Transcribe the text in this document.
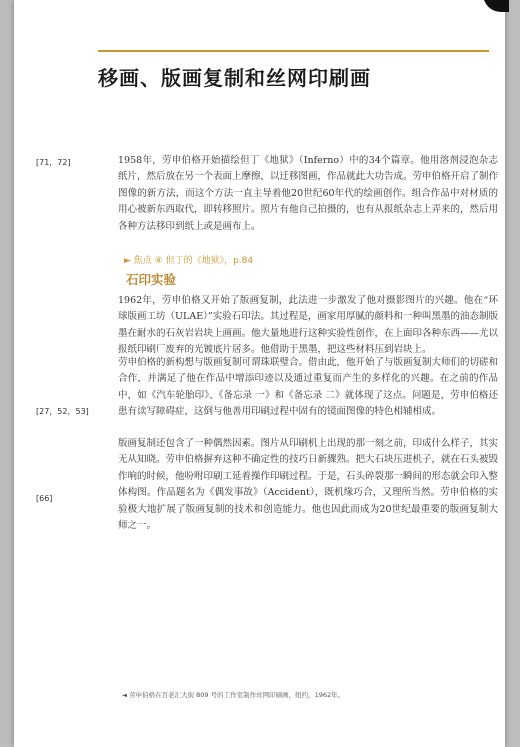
移画、版画复制和丝网印刷画
[71，72]	1958年，劳申伯格开始描绘但丁《地狱》（Inferno）中的34个篇章。他用溶剂浸泡杂志纸片，然后放在另一个表面上摩擦，以迁移图画，作品就此大功告成。劳申伯格开启了制作图像的新方法，而这个方法一直主导着他20世纪60年代的绘画创作。组合作品中对材质的用心被新东西取代，即转移照片。照片有他自己拍摄的，也有从报纸杂志上弄来的，然后用各种方法移印到纸上或是画布上。

► 焦点 ④ 但丁的《地狱》，p.84
石印实验

1962年，劳申伯格又开始了版画复制，此法进一步激发了他对摄影图片的兴趣。他在“环球版画工坊（ULAE）”实验石印法。其过程是，画家用厚腻的颜料和一种叫黑墨的油态制版墨在耐水的石灰岩岩块上画画。他大量地进行这种实验性创作，在上面印各种东西——尤以报纸印刷厂废弃的光镀底片居多。他借助于黑墨，把这些材料压到岩块上。

[27，52，53]

劳申伯格的新构想与版画复制可谓珠联璧合。借由此，他开始了与版画复制大师们的切磋和合作，并满足了他在作品中增添印迹以及通过重复而产生的多样化的兴趣。在之前的作品中，如《汽车轮胎印》、《备忘录 一》和《备忘录 二》就体现了这点。问题是，劳申伯格还患有读写障碍症，这倒与他善用印刷过程中固有的镜面图像的特色相辅相成。

[66]

版画复制还包含了一种偶然因素。图片从印刷机上出现的那一刻之前，印成什么样子，其实无从知晓。劳申伯格摒弃这种不确定性的技巧日新骤熟。把大石块压进机子，就在石头被毁作响的时候，他吩咐印刷工延着操作印刷过程。于是，石头碎裂那一瞬间的形态就会印入整体构图。作品题名为《偶发事故》（Accident），既机缘巧合，又理所当然。劳申伯格的实验极大地扩展了版画复制的技术和创造能力。他也因此而成为20世纪最重要的版画复制大师之一。

◄ 劳申伯格在百老汇大街 809 号的工作室制作丝网印刷画，纽约，1962年。
